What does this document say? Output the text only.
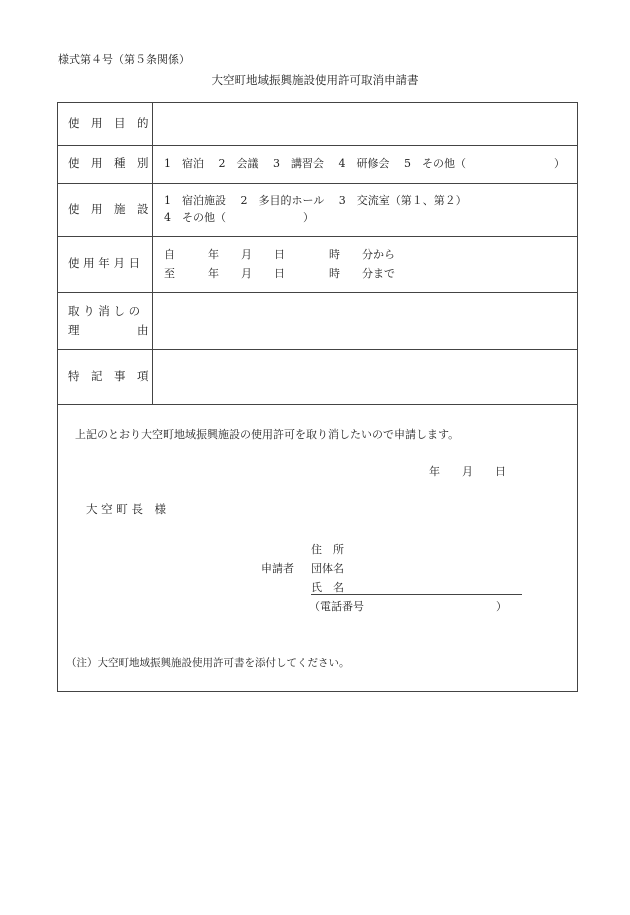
様式第４号（第５条関係）
大空町地域振興施設使用許可取消申請書
使　用　目　的
使　用　種　別 1　宿泊　 2　会議　 3　講習会　 4　研修会　 5　その他（　　　　　　　　）
使　用　施　設
1　宿泊施設　 2　多目的ホール　 3　交流室（第１、第２）
4　その他（　　　　　　　）
使 用 年 月 日
自　　　年　　月　　日　　　　時　　分から
至　　　年　　月　　日　　　　時　　分まで
取 り 消 し の
理　　　　　由
特　記　事　項
上記のとおり大空町地域振興施設の使用許可を取り消したいので申請します。
年　　月　　日
大 空 町 長　様
住　所
申請者 団体名
氏　名
（電話番号　　　　　　　　　　　　）
（注）大空町地域振興施設使用許可書を添付してください。
